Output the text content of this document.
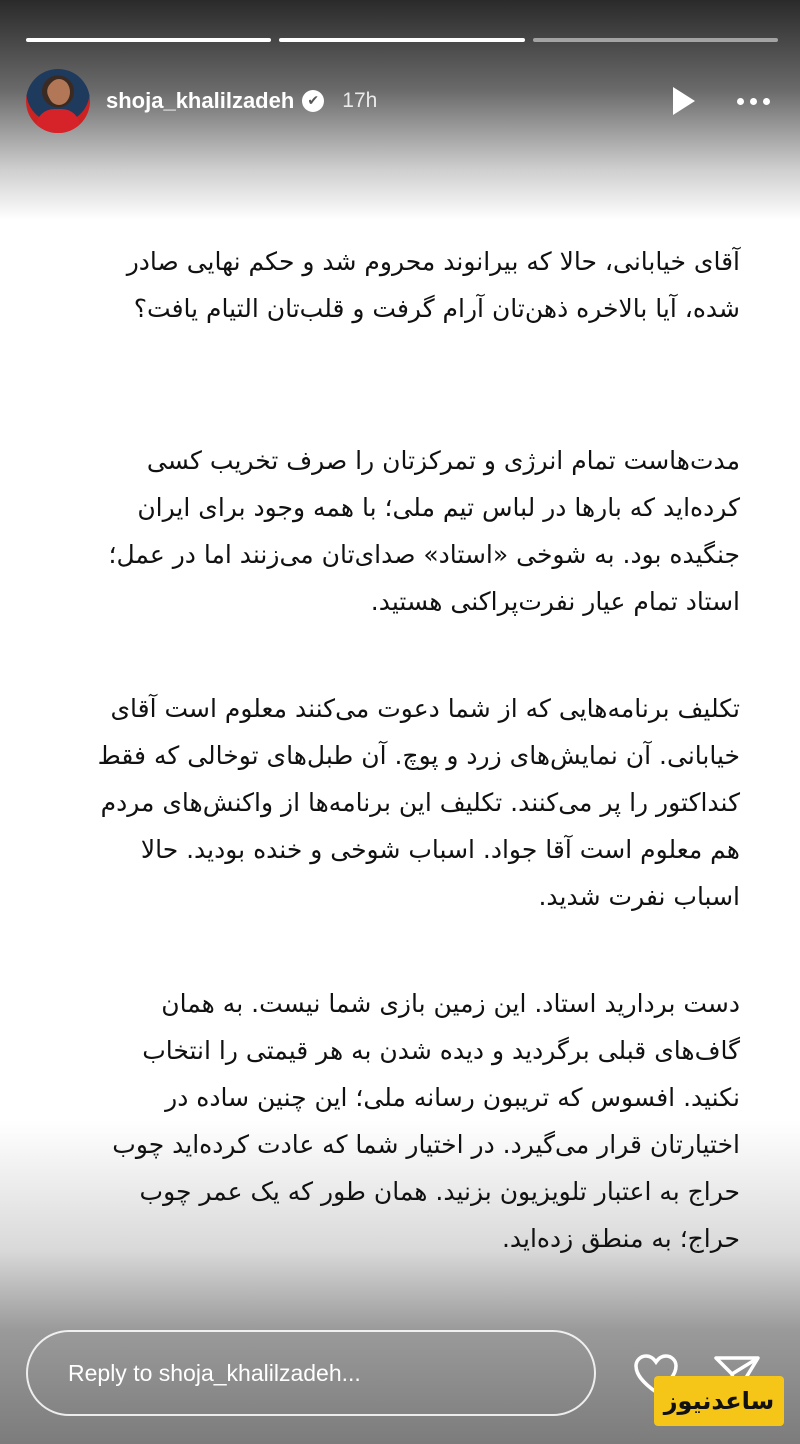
shoja_khalilzadeh ✔ 17h
آقای خیابانی، حالا که بیرانوند محروم شد و حکم نهایی صادر شده، آیا بالاخره ذهن‌تان آرام گرفت و قلب‌تان التیام یافت؟
مدت‌هاست تمام انرژی و تمرکزتان را صرف تخریب کسی کرده‌اید که بارها در لباس تیم ملی؛ با همه وجود برای ایران جنگیده بود. به شوخی «استاد» صدای‌تان می‌زنند اما در عمل؛ استاد تمام عیار نفرت‌پراکنی هستید.
تکلیف برنامه‌هایی که از شما دعوت می‌کنند معلوم است آقای خیابانی. آن نمایش‌های زرد و پوچ. آن طبل‌های توخالی که فقط کنداکتور را پر می‌کنند. تکلیف این برنامه‌ها از واکنش‌های مردم هم معلوم است آقا جواد. اسباب شوخی و خنده بودید. حالا اسباب نفرت شدید.
دست بردارید استاد. این زمین بازی شما نیست. به همان گاف‌های قبلی برگردید و دیده شدن به هر قیمتی را انتخاب نکنید. افسوس که تریبون رسانه ملی؛ این چنین ساده در اختیارتان قرار می‌گیرد. در اختیار شما که عادت کرده‌اید چوب حراج به اعتبار تلویزیون بزنید. همان طور که یک عمر چوب حراج؛ به منطق زده‌اید.
Reply to shoja_khalilzadeh...
ساعدنیوز
